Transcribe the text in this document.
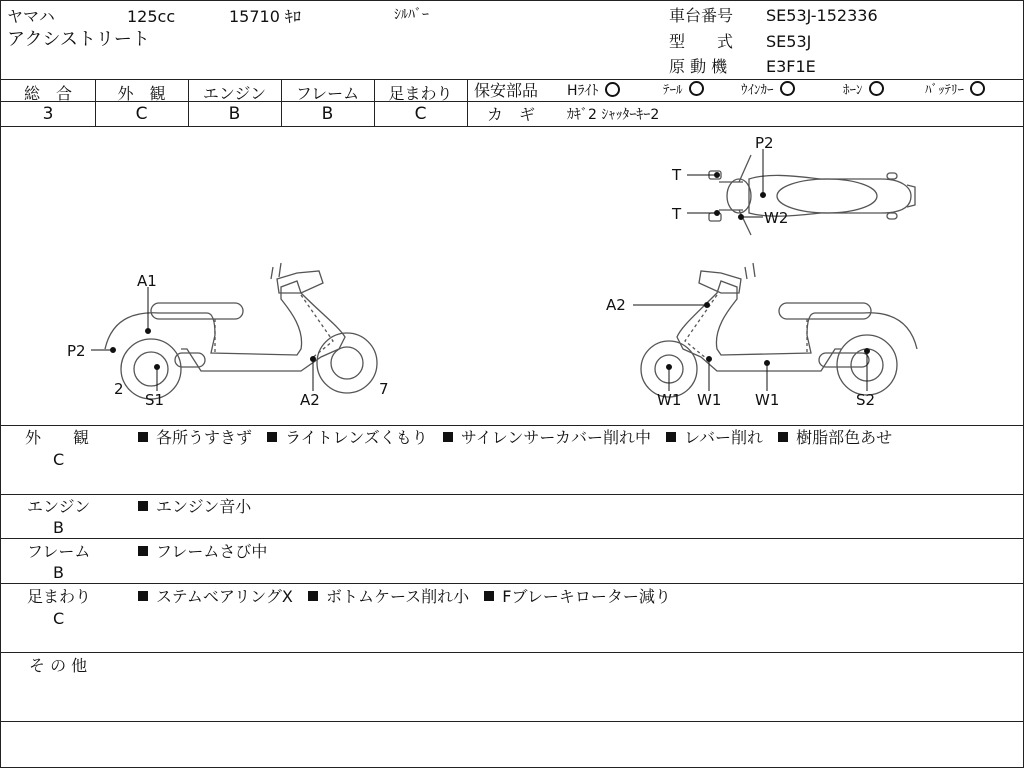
ヤマハ	125cc	15710 ｷﾛ	ｼﾙﾊﾞｰ
アクシストリート
車台番号 SE53J-152336
型　　式 SE53J
原 動 機 E3F1E
総　合	外　観	エンジン	フレーム	足まわり
3	C	B	B	C
保安部品 Hﾗｲﾄ	ﾃｰﾙ	ｳｲﾝｶｰ	ﾎｰﾝ	ﾊﾞｯﾃﾘｰ
カ　ギ ｶｷﾞ2 ｼｬｯﾀｰｷｰ2
P2
T
T	W2
A1
P2
2
S1	A2
7
A2
W1 W1 W1	S2
外　　観
C
各所うすきず ライトレンズくもり サイレンサーカバー削れ中 レバー削れ 樹脂部色あせ
エンジン
B
エンジン音小
フレーム
B
フレームさび中
足まわり
C
ステムベアリングX ボトムケース削れ小 Fブレーキローター減り
そ の 他
